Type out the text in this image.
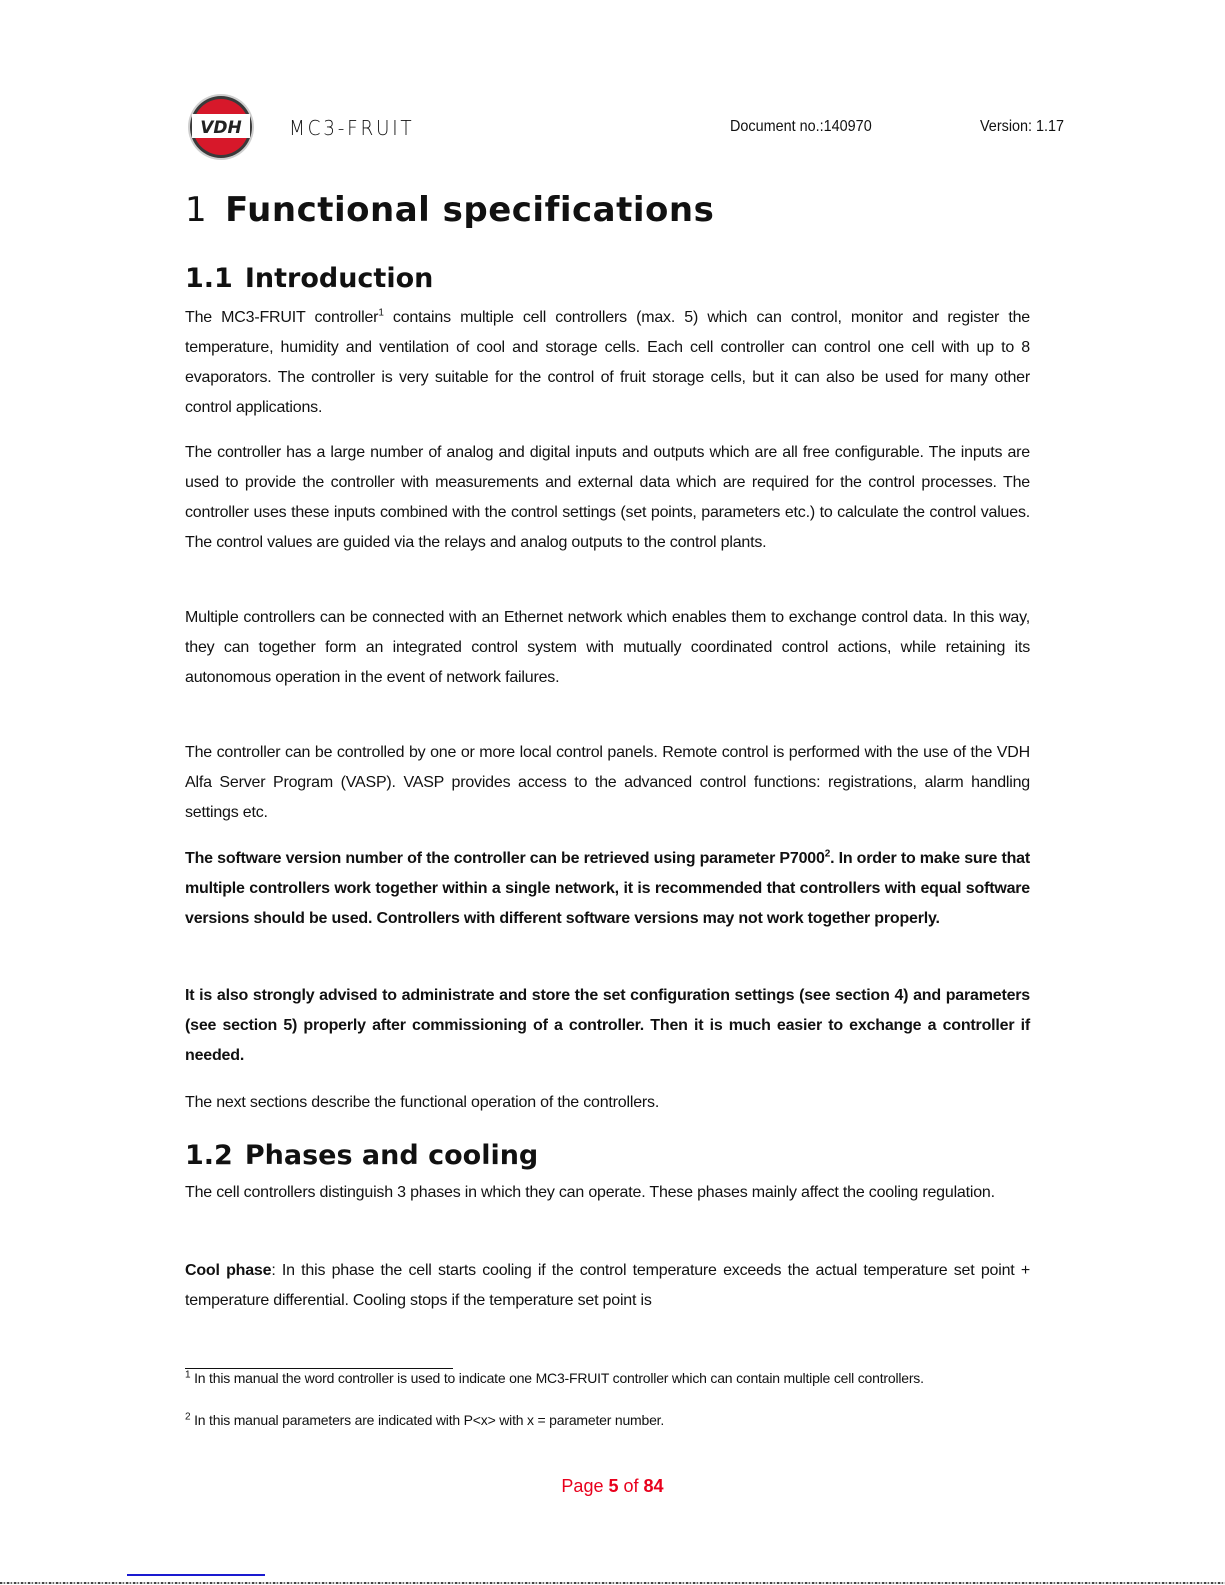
VDH MC3-FRUIT	Document no.:140970	Version: 1.17
1 Functional specifications
1.1 Introduction

The MC3-FRUIT controller$^1$ contains multiple cell controllers (max. 5) which can control, monitor and register the temperature, humidity and ventilation of cool and storage cells. Each cell controller can control one cell with up to 8 evaporators. The controller is very suitable for the control of fruit storage cells, but it can also be used for many other control applications.

The controller has a large number of analog and digital inputs and outputs which are all free configurable. The inputs are used to provide the controller with measurements and external data which are required for the control processes. The controller uses these inputs combined with the control settings (set points, parameters etc.) to calculate the control values. The control values are guided via the relays and analog outputs to the control plants.

Multiple controllers can be connected with an Ethernet network which enables them to exchange control data. In this way, they can together form an integrated control system with mutually coordinated control actions, while retaining its autonomous operation in the event of network failures.

The controller can be controlled by one or more local control panels. Remote control is performed with the use of the VDH Alfa Server Program (VASP). VASP provides access to the advanced control functions: registrations, alarm handling settings etc.

The software version number of the controller can be retrieved using parameter P7000$^2$. In order to make sure that multiple controllers work together within a single network, it is recommended that controllers with equal software versions should be used. Controllers with different software versions may not work together properly.

It is also strongly advised to administrate and store the set configuration settings (see section 4) and parameters (see section 5) properly after commissioning of a controller. Then it is much easier to exchange a controller if needed.

The next sections describe the functional operation of the controllers.

1.2 Phases and cooling

The cell controllers distinguish 3 phases in which they can operate. These phases mainly affect the cooling regulation.

Cool phase: In this phase the cell starts cooling if the control temperature exceeds the actual temperature set point + temperature differential. Cooling stops if the temperature set point is

$^1$ In this manual the word controller is used to indicate one MC3-FRUIT controller which can contain multiple cell controllers.
$^2$ In this manual parameters are indicated with P<x> with x = parameter number.
Page 5 of 84
